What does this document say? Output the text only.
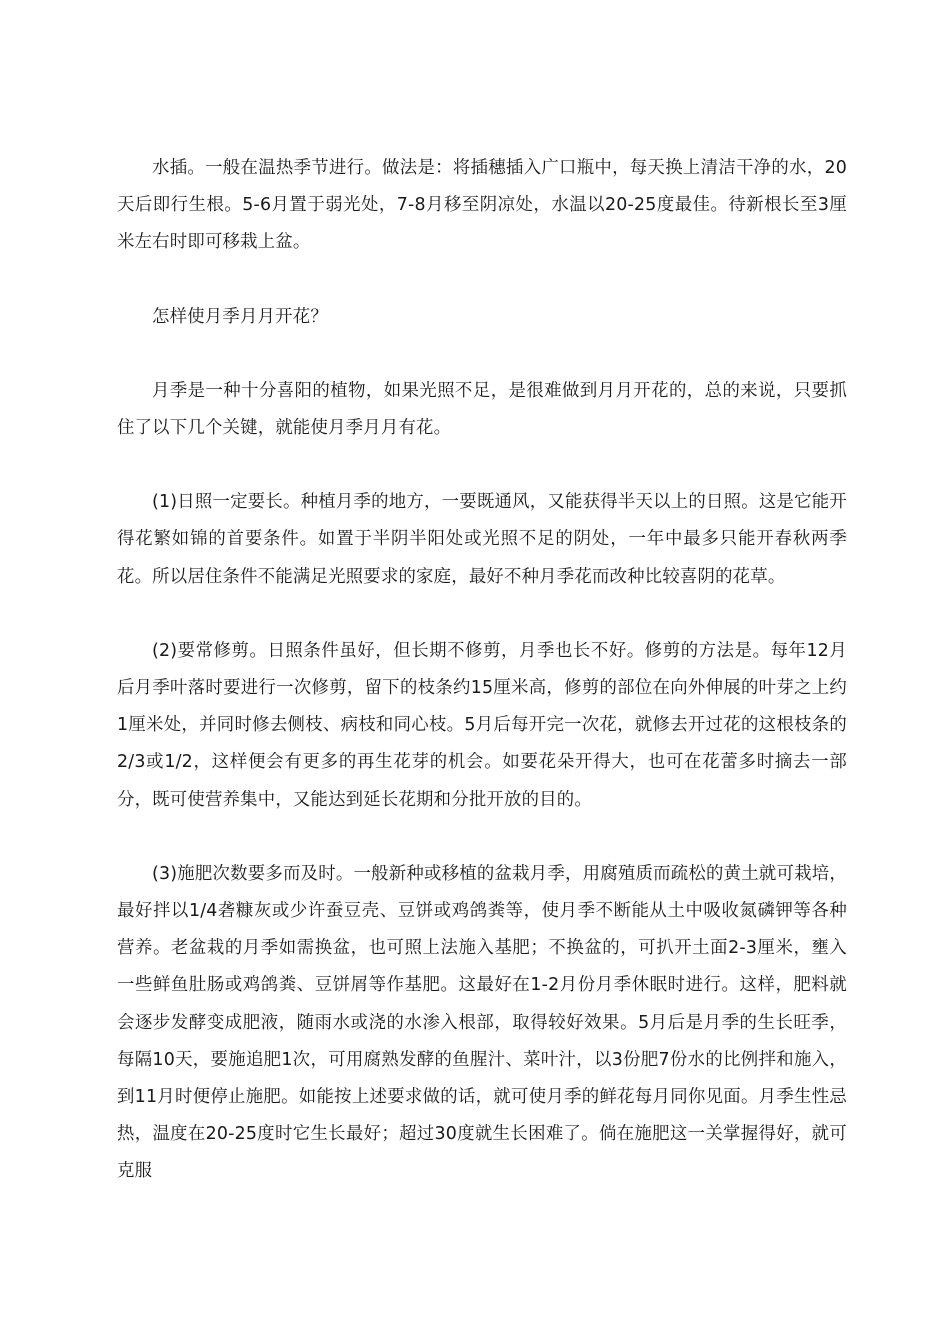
水插。一般在温热季节进行。做法是：将插穗插入广口瓶中，每天换上清洁干净的水，20天后即行生根。5-6月置于弱光处，7-8月移至阴凉处，水温以20-25度最佳。待新根长至3厘米左右时即可移栽上盆。

怎样使月季月月开花？

月季是一种十分喜阳的植物，如果光照不足，是很难做到月月开花的，总的来说，只要抓住了以下几个关键，就能使月季月月有花。

(1)日照一定要长。种植月季的地方，一要既通风，又能获得半天以上的日照。这是它能开得花繁如锦的首要条件。如置于半阴半阳处或光照不足的阴处，一年中最多只能开春秋两季花。所以居住条件不能满足光照要求的家庭，最好不种月季花而改种比较喜阴的花草。

(2)要常修剪。日照条件虽好，但长期不修剪，月季也长不好。修剪的方法是。每年12月后月季叶落时要进行一次修剪，留下的枝条约15厘米高，修剪的部位在向外伸展的叶芽之上约1厘米处，并同时修去侧枝、病枝和同心枝。5月后每开完一次花，就修去开过花的这根枝条的2/3或1/2，这样便会有更多的再生花芽的机会。如要花朵开得大，也可在花蕾多时摘去一部分，既可使营养集中，又能达到延长花期和分批开放的目的。

(3)施肥次数要多而及时。一般新种或移植的盆栽月季，用腐殖质而疏松的黄土就可栽培，最好拌以1/4砻糠灰或少许蚕豆壳、豆饼或鸡鸽粪等，使月季不断能从土中吸收氮磷钾等各种营养。老盆栽的月季如需换盆，也可照上法施入基肥；不换盆的，可扒开土面2-3厘米，壅入一些鲜鱼肚肠或鸡鸽粪、豆饼屑等作基肥。这最好在1-2月份月季休眠时进行。这样，肥料就会逐步发酵变成肥液，随雨水或浇的水渗入根部，取得较好效果。5月后是月季的生长旺季，每隔10天，要施追肥1次，可用腐熟发酵的鱼腥汁、菜叶汁，以3份肥7份水的比例拌和施入，到11月时便停止施肥。如能按上述要求做的话，就可使月季的鲜花每月同你见面。月季生性忌热，温度在20-25度时它生长最好；超过30度就生长困难了。倘在施肥这一关掌握得好，就可克服
